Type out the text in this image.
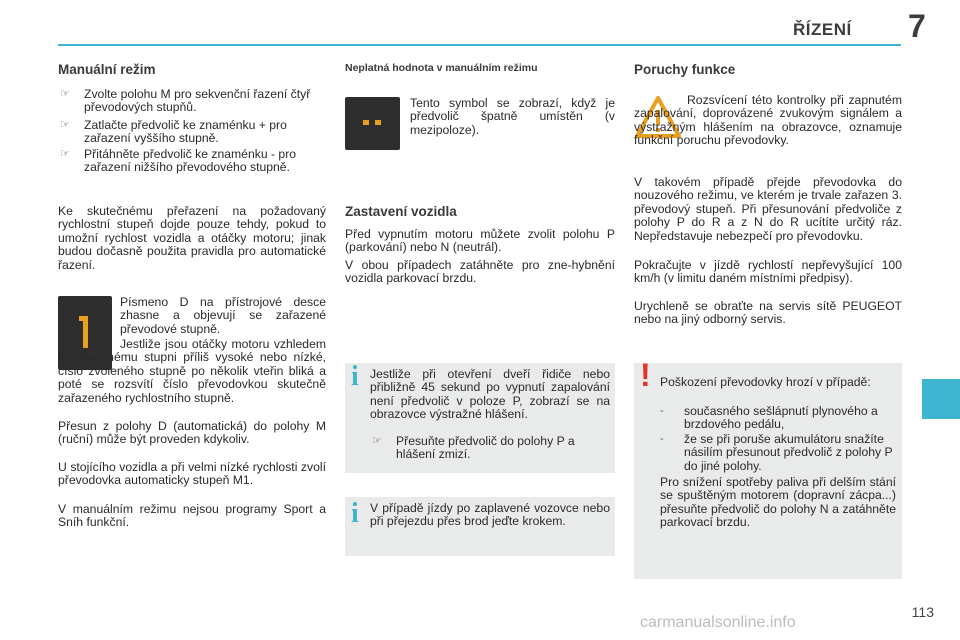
ŘÍZENÍ 7
Manuální režim
☞	Zvolte polohu M pro sekvenční řazení čtyř převodových stupňů.
☞	Zatlačte předvolič ke znaménku + pro zařazení vyššího stupně.
☞	Přitáhněte předvolič ke znaménku - pro zařazení nižšího převodového stupně.

Ke skutečnému přeřazení na požadovaný rychlostní stupeň dojde pouze tehdy, pokud to umožní rychlost vozidla a otáčky motoru; jinak budou dočasně použita pravidla pro automatické řazení.

Písmeno D na přístrojové desce zhasne a objevují se zařazené převodové stupně.

Jestliže jsou otáčky motoru vzhledem k zařazenému stupni příliš vysoké nebo nízké, číslo zvoleného stupně po několik vteřin bliká a poté se rozsvítí číslo převodovkou skutečně zařazeného rychlostního stupně.

Přesun z polohy D (automatická) do polohy M (ruční) může být proveden kdykoliv.

U stojícího vozidla a při velmi nízké rychlosti zvolí převodovka automaticky stupeň M1.

V manuálním režimu nejsou programy Sport a Sníh funkční.

Neplatná hodnota v manuálním režimu

Tento symbol se zobrazí, když je předvolič špatně umístěn (v mezipoloze).

Zastavení vozidla

Před vypnutím motoru můžete zvolit polohu P (parkování) nebo N (neutrál).

V obou případech zatáhněte pro zne-hybnění vozidla parkovací brzdu.

i Jestliže při otevření dveří řidiče nebo přibližně 45 sekund po vypnutí zapalování není předvolič v poloze P, zobrazí se na obrazovce výstražné hlášení.

☞	Přesuňte předvolič do polohy P a hlášení zmizí.
i V případě jízdy po zaplavené vozovce nebo při přejezdu přes brod jeďte krokem.

Poruchy funkce

Rozsvícení této kontrolky při zapnutém zapalování, doprovázené zvukovým signálem a výstražným hlášením na obrazovce, oznamuje funkční poruchu převodovky.

V takovém případě přejde převodovka do nouzového režimu, ve kterém je trvale zařazen 3. převodový stupeň. Při přesunování předvoliče z polohy P do R a z N do R ucítíte určitý ráz. Nepředstavuje nebezpečí pro převodovku.

Pokračujte v jízdě rychlostí nepřevyšující 100 km/h (v limitu daném místními předpisy).

Urychleně se obraťte na servis sítě PEUGEOT nebo na jiný odborný servis.

! Poškození převodovky hrozí v případě:

-	současného sešlápnutí plynového a brzdového pedálu,
-	že se při poruše akumulátoru snažíte násilím přesunout předvolič z polohy P do jiné polohy.

Pro snížení spotřeby paliva při delším stání se spuštěným motorem (dopravní zácpa...) přesuňte předvolič do polohy N a zatáhněte parkovací brzdu.

113
carmanualsonline.info
